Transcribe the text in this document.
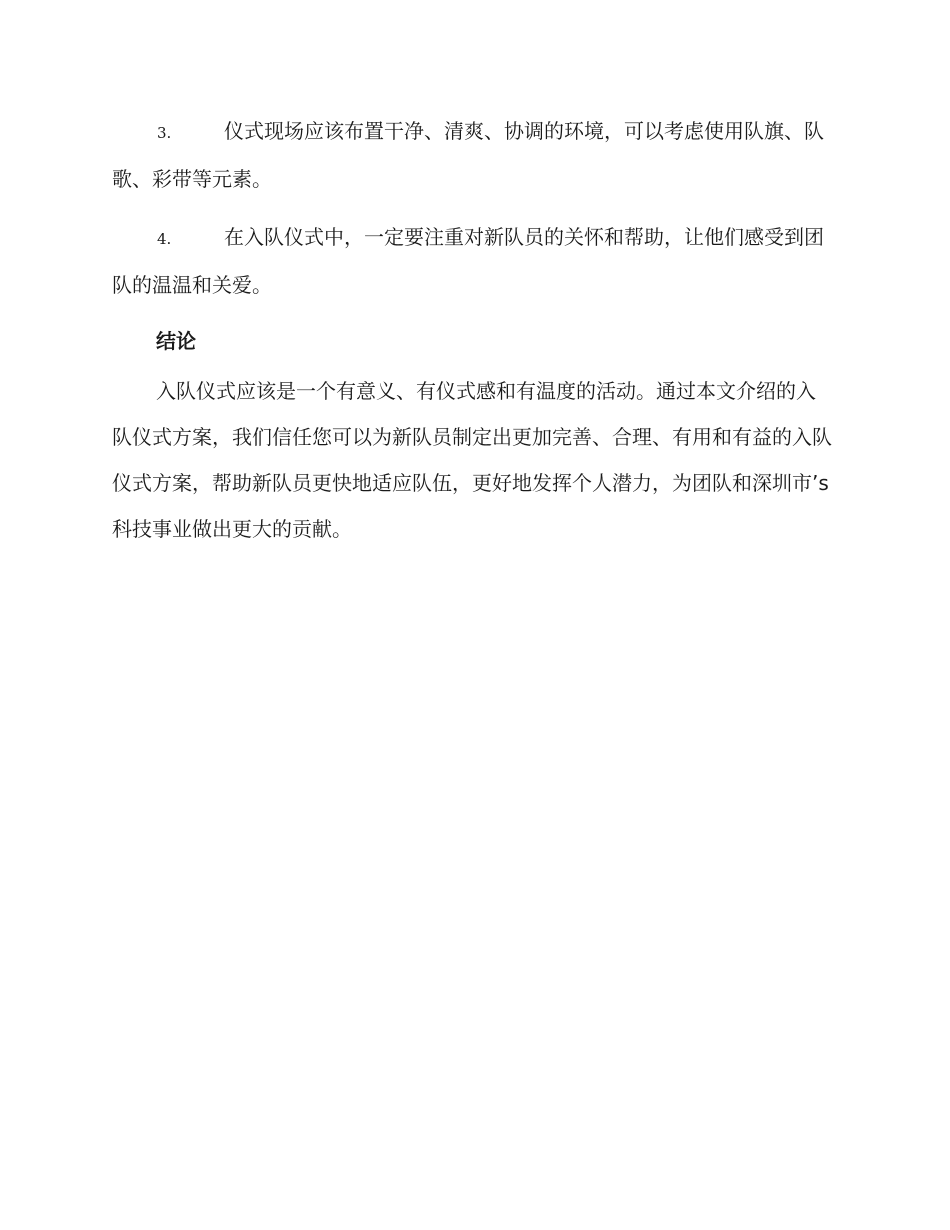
3.	仪式现场应该布置干净、清爽、协调的环境，可以考虑使用队旗、队歌、彩带等元素。

4.	在入队仪式中，一定要注重对新队员的关怀和帮助，让他们感受到团队的温温和关爱。

结论

入队仪式应该是一个有意义、有仪式感和有温度的活动。通过本文介绍的入队仪式方案，我们信任您可以为新队员制定出更加完善、合理、有用和有益的入队仪式方案，帮助新队员更快地适应队伍，更好地发挥个人潜力，为团队和深圳市’s 科技事业做出更大的贡献。
